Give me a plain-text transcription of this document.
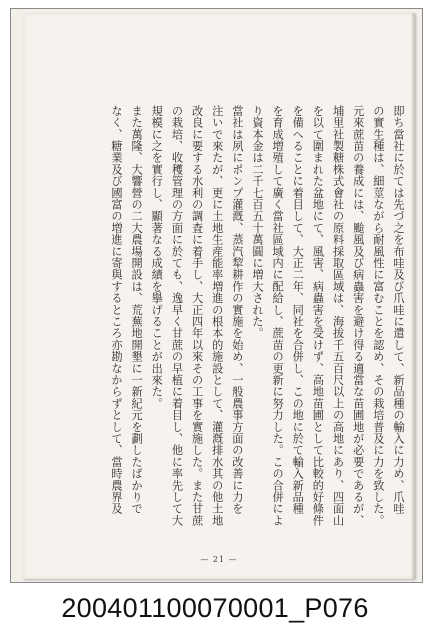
即ち當社に於ては先づ之を布哇及び爪哇に遣して、新品種の輸入に力め、爪哇
の實生種は、細莖ながら耐風性に富むことを認め、その栽培普及に力を致した。
元來蔗苗の養成には、颱風及び病蟲害を避け得る適當な苗圃地が必要であるが、
埔里社製糖株式會社の原料採取區域は、海拔千五百尺以上の高地にあり、四面山
を以て圍まれた盆地にて、風害、病蟲害を受けず、高地苗圃として比較的好條件
を備へることに着目して、大正二年、同社を合併し、この地に於て輸入新品種
を育成増殖して廣く當社區域内に配給し、蔗苗の更新に努力した。この合併によ
り資本金は二千七百五十萬圓に増大された。
當社は夙にポンプ灌漑、蒸汽犂耕作の實施を始め、一般農事方面の改善に力を
注いで來たが、更に土地生産能率増進の根本的施設として、灌漑排水其の他土地
改良に要する水利の調査に着手し、大正四年以來その工事を實施した。また甘蔗
の栽培、收穫管理の方面に於ても、逸早く甘蔗の早植に着目し、他に率先して大
規模に之を實行し、顯著なる成績を擧げることが出來た。
また萬隆、大響營の二大農場開設は、荒蕪地開墾に一新紀元を劃したばかりで
なく、糖業及び國富の増進に寄與するところ亦勘なからずとして、當時農界及
— 21 —
200401100070001_P076
